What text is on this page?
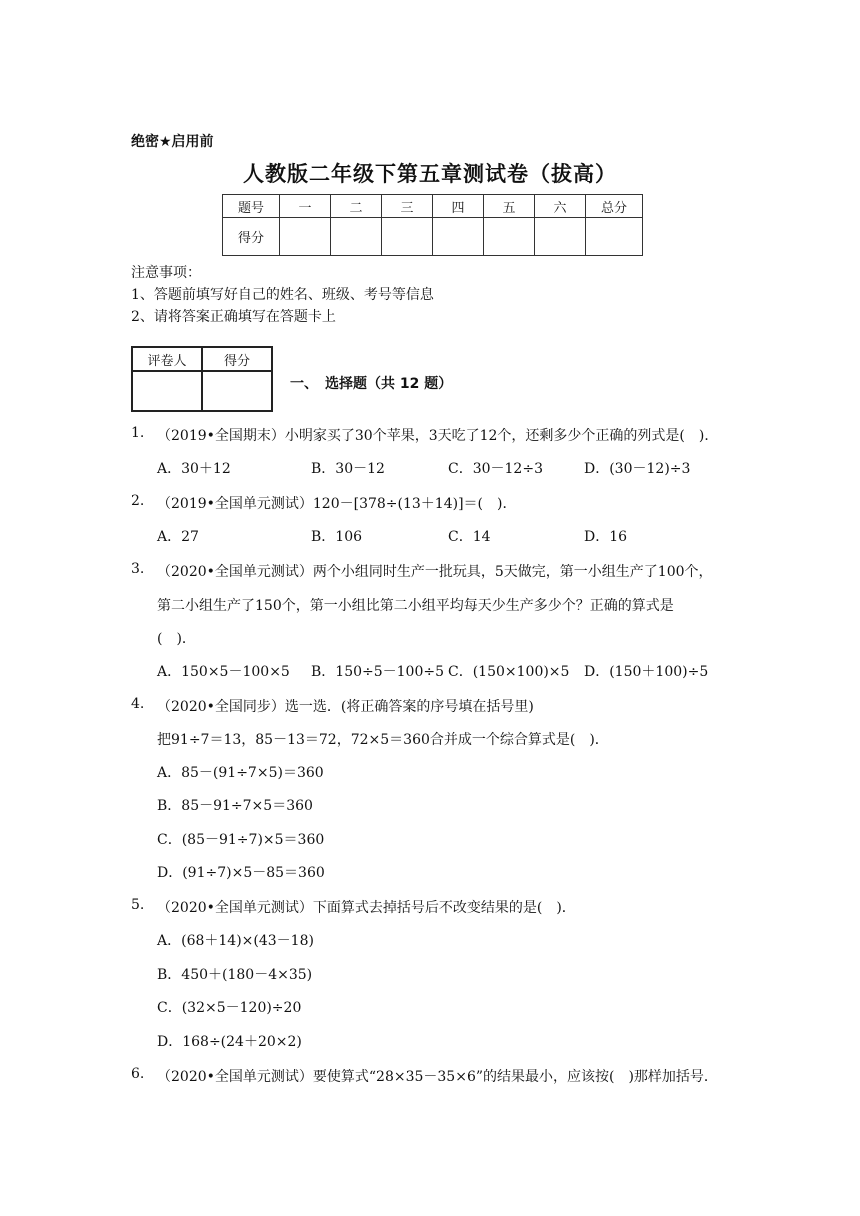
绝密★启用前
人教版二年级下第五章测试卷（拔高）
题号	一	二	三	四	五	六	总分
得分							
注意事项：
1、答题前填写好自己的姓名、班级、考号等信息
2、请将答案正确填写在答题卡上
评卷人	得分

一、　选择题（共 12 题）
1. （2019•全国期末）小明家买了30个苹果，3天吃了12个，还剩多少个正确的列式是(　)．
A．30＋12	B．30－12	C．30－12÷3	D．(30－12)÷3
2. （2019•全国单元测试）120－[378÷(13＋14)]＝(　)．
A．27	B．106	C．14	D．16
3. （2020•全国单元测试）两个小组同时生产一批玩具，5天做完，第一小组生产了100个，
第二小组生产了150个，第一小组比第二小组平均每天少生产多少个？正确的算式是
(　)．
A．150×5－100×5 B．150÷5－100÷5 C．(150×100)×5 D．(150＋100)÷5
4. （2020•全国同步）选一选．(将正确答案的序号填在括号里)
把91÷7＝13，85－13＝72，72×5＝360合并成一个综合算式是(　)．
A．85－(91÷7×5)＝360
B．85－91÷7×5＝360
C．(85－91÷7)×5＝360
D．(91÷7)×5－85＝360
5. （2020•全国单元测试）下面算式去掉括号后不改变结果的是(　)．
A．(68＋14)×(43－18)
B．450＋(180－4×35)
C．(32×5－120)÷20
D．168÷(24＋20×2)
6. （2020•全国单元测试）要使算式“28×35－35×6”的结果最小，应该按(　)那样加括号．
